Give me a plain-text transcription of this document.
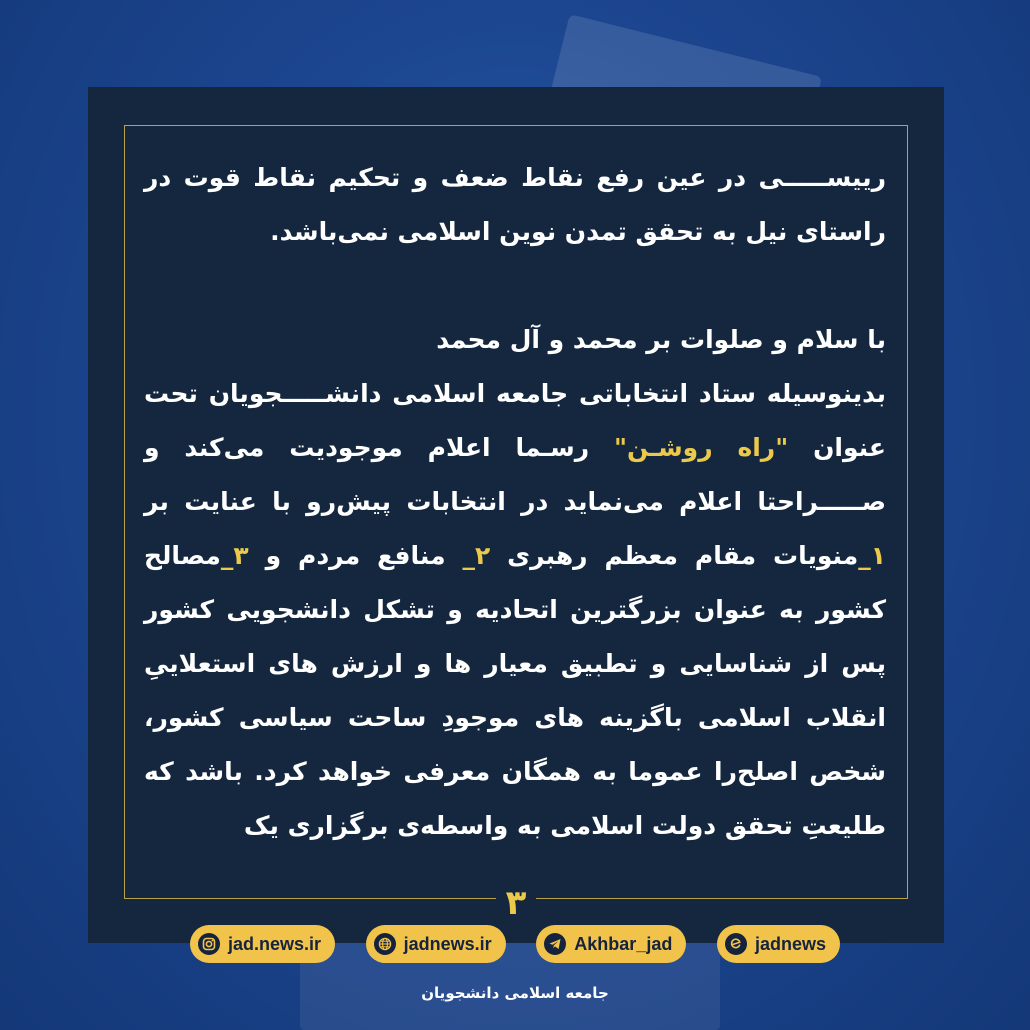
رییســـــی در عین رفع نقاط ضعف و تحکیم نقاط قوت در راستای نیل به تحقق تمدن نوین اسلامی نمی‌باشد.

با سلام و صلوات بر محمد و آل محمد

بدینوسیله ستاد انتخاباتی جامعه اسلامی دانشـــــجویان تحت عنوان "راه روشـن" رسـما اعلام موجودیت می‌کند و صـــــراحتا اعلام می‌نماید در انتخابات پیش‌رو با عنایت بر ۱_منویات مقام معظم رهبری ۲_ منافع مردم و ۳_مصالح کشور به عنوان بزرگترین اتحادیه و تشکل دانشجویی کشور پس از شناسایی و تطبیق معیار ها و ارزش های استعلاییِ انقلاب اسلامی باگزینه های موجودِ ساحت سیاسی کشور، شخص اصلح‌را عموما به همگان معرفی خواهد کرد. باشد که طلیعتِ تحقق دولت اسلامی به واسطه‌ی برگزاری یک

۳
jad.news.ir	jadnews.ir	Akhbar_jad	jadnews
جامعه اسلامی دانشجویان
